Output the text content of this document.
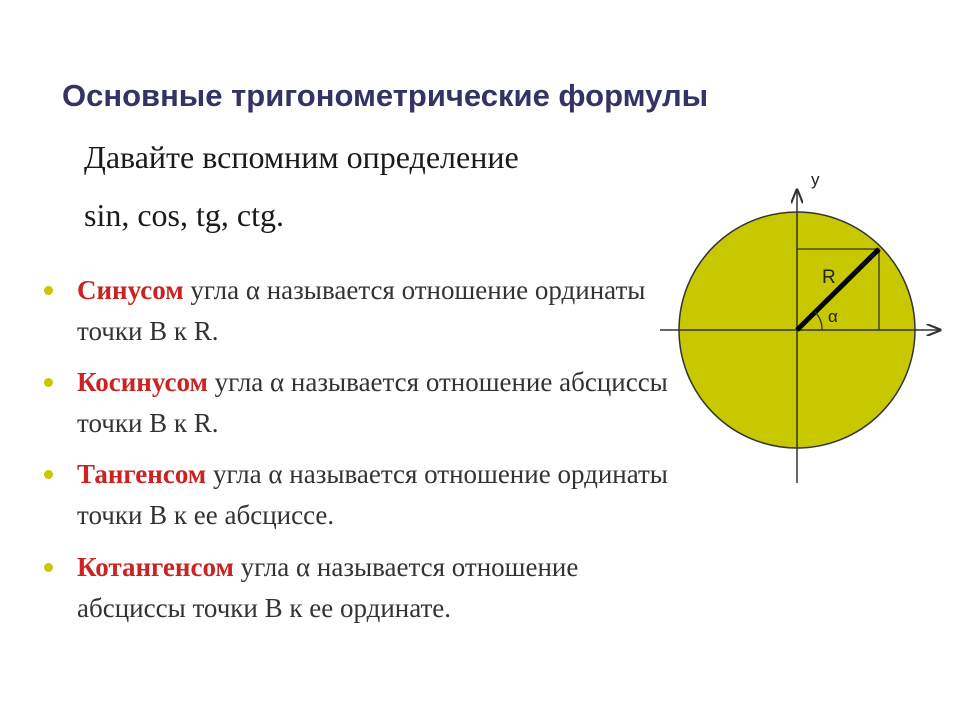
Основные тригонометрические формулы
Давайте вспомним определение
sin, cos, tg, ctg.
Синусом угла α называется отношение ординаты точки В к R.
Косинусом угла α называется отношение абсциссы точки В к R.
Тангенсом угла α называется отношение ординаты точки В к ее абсциссе.
Котангенсом угла α называется отношение абсциссы точки В к ее ординате.
y
R
α
